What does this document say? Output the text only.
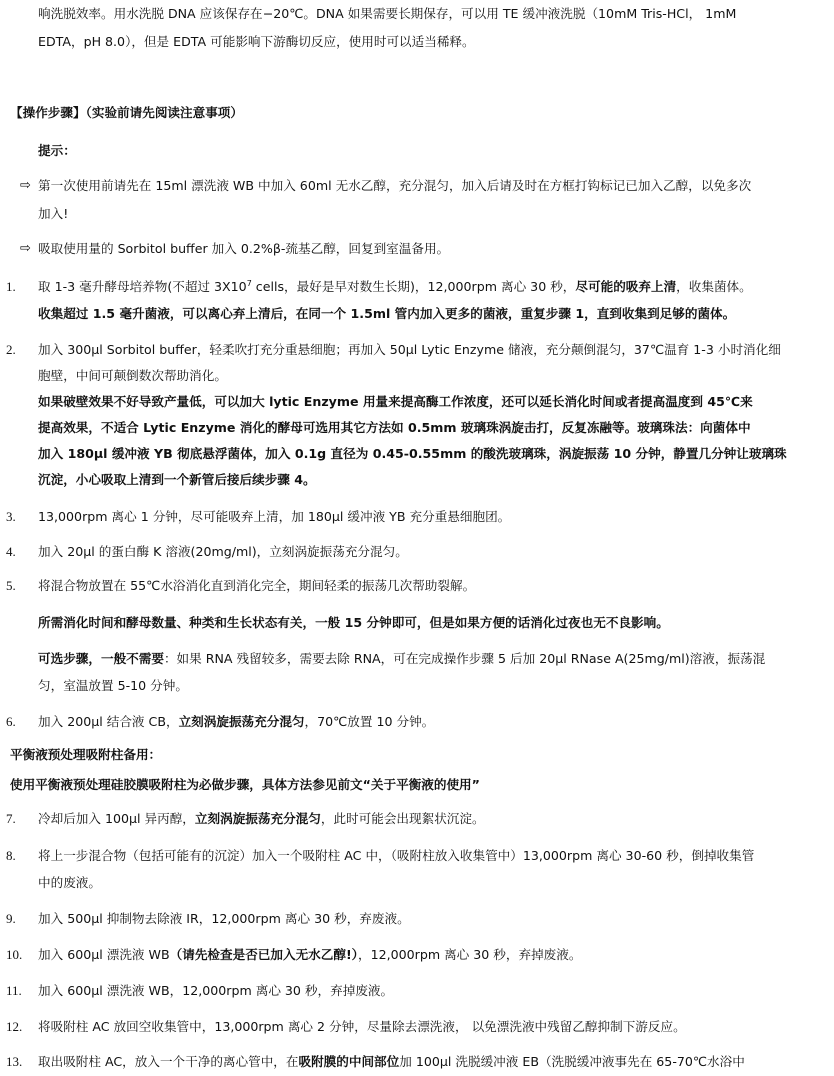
响洗脱效率。用水洗脱 DNA 应该保存在−20℃。DNA 如果需要长期保存，可以用 TE 缓冲液洗脱（10mM Tris-HCl， 1mM
EDTA，pH 8.0），但是 EDTA 可能影响下游酶切反应，使用时可以适当稀释。
【操作步骤】（实验前请先阅读注意事项）
提示：
⇨ 第一次使用前请先在 15ml 漂洗液 WB 中加入 60ml 无水乙醇，充分混匀，加入后请及时在方框打钩标记已加入乙醇，以免多次
加入!
⇨ 吸取使用量的 Sorbitol buffer 加入 0.2%β-巯基乙醇，回复到室温备用。
1.	取 1-3 毫升酵母培养物(不超过 $3X10^7$ cells，最好是早对数生长期)，12,000rpm 离心 30 秒，尽可能的吸弃上清，收集菌体。
收集超过 1.5 毫升菌液，可以离心弃上清后，在同一个 1.5ml 管内加入更多的菌液，重复步骤 1，直到收集到足够的菌体。
2.	加入 300μl Sorbitol buffer，轻柔吹打充分重悬细胞；再加入 50μl Lytic Enzyme 储液，充分颠倒混匀，37℃温育 1-3 小时消化细
胞壁，中间可颠倒数次帮助消化。
如果破壁效果不好导致产量低，可以加大 lytic Enzyme 用量来提高酶工作浓度，还可以延长消化时间或者提高温度到 45℃来
提高效果，不适合 Lytic Enzyme 消化的酵母可选用其它方法如 0.5mm 玻璃珠涡旋击打，反复冻融等。玻璃珠法：向菌体中
加入 180μl 缓冲液 YB 彻底悬浮菌体，加入 0.1g 直径为 0.45-0.55mm 的酸洗玻璃珠，涡旋振荡 10 分钟，静置几分钟让玻璃珠
沉淀，小心吸取上清到一个新管后接后续步骤 4。
3.	13,000rpm 离心 1 分钟，尽可能吸弃上清，加 180μl 缓冲液 YB 充分重悬细胞团。
4.	加入 20μl 的蛋白酶 K 溶液(20mg/ml)，立刻涡旋振荡充分混匀。
5.	将混合物放置在 55℃水浴消化直到消化完全，期间轻柔的振荡几次帮助裂解。
所需消化时间和酵母数量、种类和生长状态有关，一般 15 分钟即可，但是如果方便的话消化过夜也无不良影响。
可选步骤，一般不需要：如果 RNA 残留较多，需要去除 RNA，可在完成操作步骤 5 后加 20μl RNase A(25mg/ml)溶液，振荡混
匀，室温放置 5-10 分钟。
6.	加入 200μl 结合液 CB，立刻涡旋振荡充分混匀，70℃放置 10 分钟。
平衡液预处理吸附柱备用：
使用平衡液预处理硅胶膜吸附柱为必做步骤，具体方法参见前文“关于平衡液的使用”
7.	冷却后加入 100μl 异丙醇，立刻涡旋振荡充分混匀，此时可能会出现絮状沉淀。
8.	将上一步混合物（包括可能有的沉淀）加入一个吸附柱 AC 中，（吸附柱放入收集管中）13,000rpm 离心 30-60 秒，倒掉收集管
中的废液。
9.	加入 500μl 抑制物去除液 IR，12,000rpm 离心 30 秒，弃废液。
10.	加入 600μl 漂洗液 WB（请先检查是否已加入无水乙醇!），12,000rpm 离心 30 秒，弃掉废液。
11.	加入 600μl 漂洗液 WB，12,000rpm 离心 30 秒，弃掉废液。
12.	将吸附柱 AC 放回空收集管中，13,000rpm 离心 2 分钟，尽量除去漂洗液， 以免漂洗液中残留乙醇抑制下游反应。
13.	取出吸附柱 AC，放入一个干净的离心管中，在吸附膜的中间部位加 100μl 洗脱缓冲液 EB（洗脱缓冲液事先在 65-70℃水浴中
